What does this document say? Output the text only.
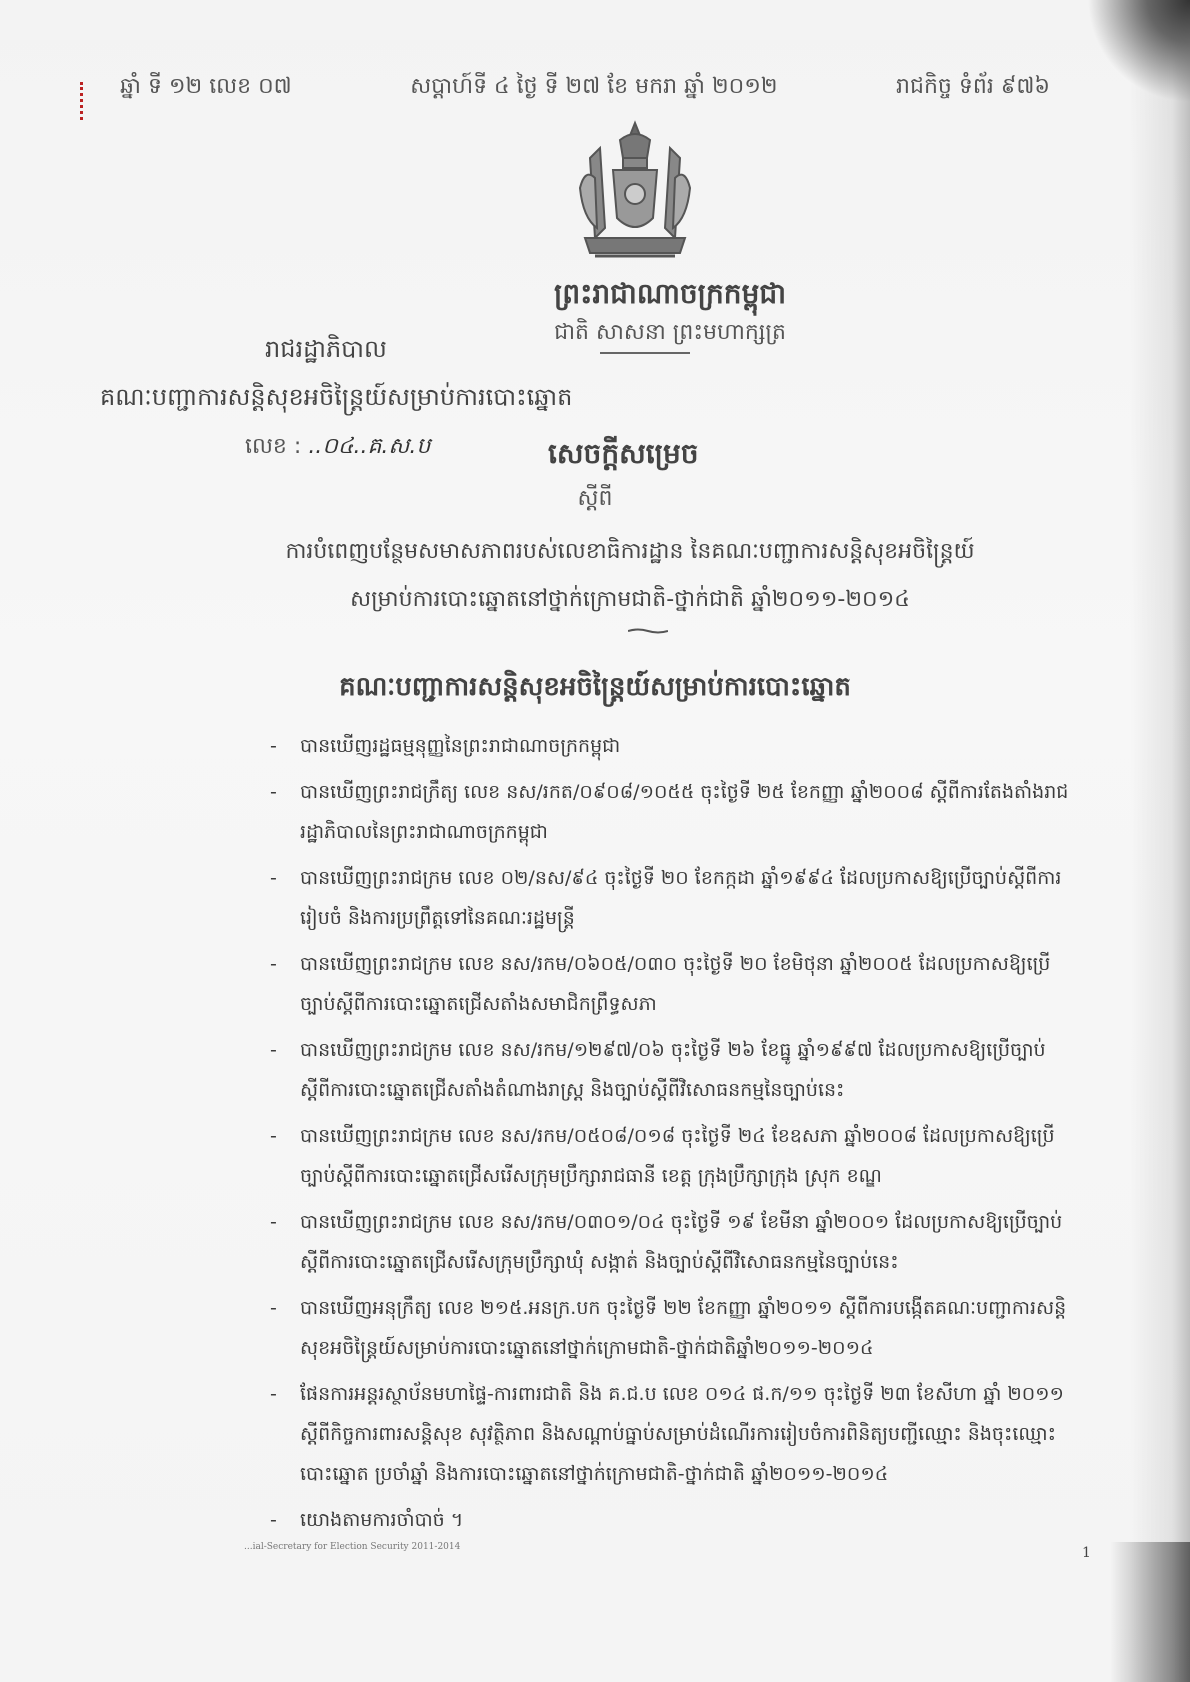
ឆ្នាំ ទី ១២ លេខ ០៧	សប្តាហ៍ទី ៤ ថ្ងៃ ទី ២៧ ខែ មករា ឆ្នាំ ២០១២	រាជកិច្ច ទំព័រ ៩៧៦
ព្រះរាជាណាចក្រកម្ពុជា
ជាតិ សាសនា ព្រះមហាក្សត្រ
រាជរដ្ឋាភិបាល
គណៈបញ្ជាការសន្តិសុខអចិន្ត្រៃយ៍សម្រាប់ការបោះឆ្នោត
លេខ : ..០៤..គ.ស.ប	សេចក្តីសម្រេច
ស្តីពី
ការបំពេញបន្ថែមសមាសភាពរបស់លេខាធិការដ្ឋាន នៃគណៈបញ្ជាការសន្តិសុខអចិន្ត្រៃយ៍
សម្រាប់ការបោះឆ្នោតនៅថ្នាក់ក្រោមជាតិ-ថ្នាក់ជាតិ ឆ្នាំ២០១១-២០១៤
គណៈបញ្ជាការសន្តិសុខអចិន្ត្រៃយ៍សម្រាប់ការបោះឆ្នោត
- បានឃើញរដ្ឋធម្មនុញ្ញនៃព្រះរាជាណាចក្រកម្ពុជា
- បានឃើញព្រះរាជក្រឹត្យ លេខ នស/រកត/០៩០៨/១០៥៥ ចុះថ្ងៃទី ២៥ ខែកញ្ញា ឆ្នាំ២០០៨ ស្តីពីការតែងតាំងរាជរដ្ឋាភិបាលនៃព្រះរាជាណាចក្រកម្ពុជា
- បានឃើញព្រះរាជក្រម លេខ ០២/នស/៩៤ ចុះថ្ងៃទី ២០ ខែកក្កដា ឆ្នាំ១៩៩៤ ដែលប្រកាសឱ្យប្រើច្បាប់ស្តីពីការរៀបចំ និងការប្រព្រឹត្តទៅនៃគណៈរដ្ឋមន្ត្រី
- បានឃើញព្រះរាជក្រម លេខ នស/រកម/០៦០៥/០៣០ ចុះថ្ងៃទី ២០ ខែមិថុនា ឆ្នាំ២០០៥ ដែលប្រកាសឱ្យប្រើច្បាប់ស្តីពីការបោះឆ្នោតជ្រើសតាំងសមាជិកព្រឹទ្ធសភា
- បានឃើញព្រះរាជក្រម លេខ នស/រកម/១២៩៧/០៦ ចុះថ្ងៃទី ២៦ ខែធ្នូ ឆ្នាំ១៩៩៧ ដែលប្រកាសឱ្យប្រើច្បាប់ស្តីពីការបោះឆ្នោតជ្រើសតាំងតំណាងរាស្ត្រ និងច្បាប់ស្តីពីវិសោធនកម្មនៃច្បាប់នេះ
- បានឃើញព្រះរាជក្រម លេខ នស/រកម/០៥០៨/០១៨ ចុះថ្ងៃទី ២៤ ខែឧសភា ឆ្នាំ២០០៨ ដែលប្រកាសឱ្យប្រើច្បាប់ស្តីពីការបោះឆ្នោតជ្រើសរើសក្រុមប្រឹក្សារាជធានី ខេត្ត ក្រុងប្រឹក្សាក្រុង ស្រុក ខណ្ឌ
- បានឃើញព្រះរាជក្រម លេខ នស/រកម/០៣០១/០៤ ចុះថ្ងៃទី ១៩ ខែមីនា ឆ្នាំ២០០១ ដែលប្រកាសឱ្យប្រើច្បាប់ស្តីពីការបោះឆ្នោតជ្រើសរើសក្រុមប្រឹក្សាឃុំ សង្កាត់ និងច្បាប់ស្តីពីវិសោធនកម្មនៃច្បាប់នេះ
- បានឃើញអនុក្រឹត្យ លេខ ២១៥.អនក្រ.បក ចុះថ្ងៃទី ២២ ខែកញ្ញា ឆ្នាំ២០១១ ស្តីពីការបង្កើតគណៈបញ្ជាការសន្តិសុខអចិន្ត្រៃយ៍សម្រាប់ការបោះឆ្នោតនៅថ្នាក់ក្រោមជាតិ-ថ្នាក់ជាតិឆ្នាំ២០១១-២០១៤
- ផែនការអន្តរស្ថាប័នមហាផ្ទៃ-ការពារជាតិ និង គ.ជ.ប លេខ ០១៤ ផ.ក/១១ ចុះថ្ងៃទី ២៣ ខែសីហា ឆ្នាំ ២០១១ ស្តីពីកិច្ចការពារសន្តិសុខ សុវត្ថិភាព និងសណ្តាប់ធ្នាប់សម្រាប់ដំណើរការរៀបចំការពិនិត្យបញ្ជីឈ្មោះ និងចុះឈ្មោះបោះឆ្នោត ប្រចាំឆ្នាំ និងការបោះឆ្នោតនៅថ្នាក់ក្រោមជាតិ-ថ្នាក់ជាតិ ឆ្នាំ២០១១-២០១៤
- យោងតាមការចាំបាច់ ។
...ial-Secretary for Election Security 2011-2014	1
